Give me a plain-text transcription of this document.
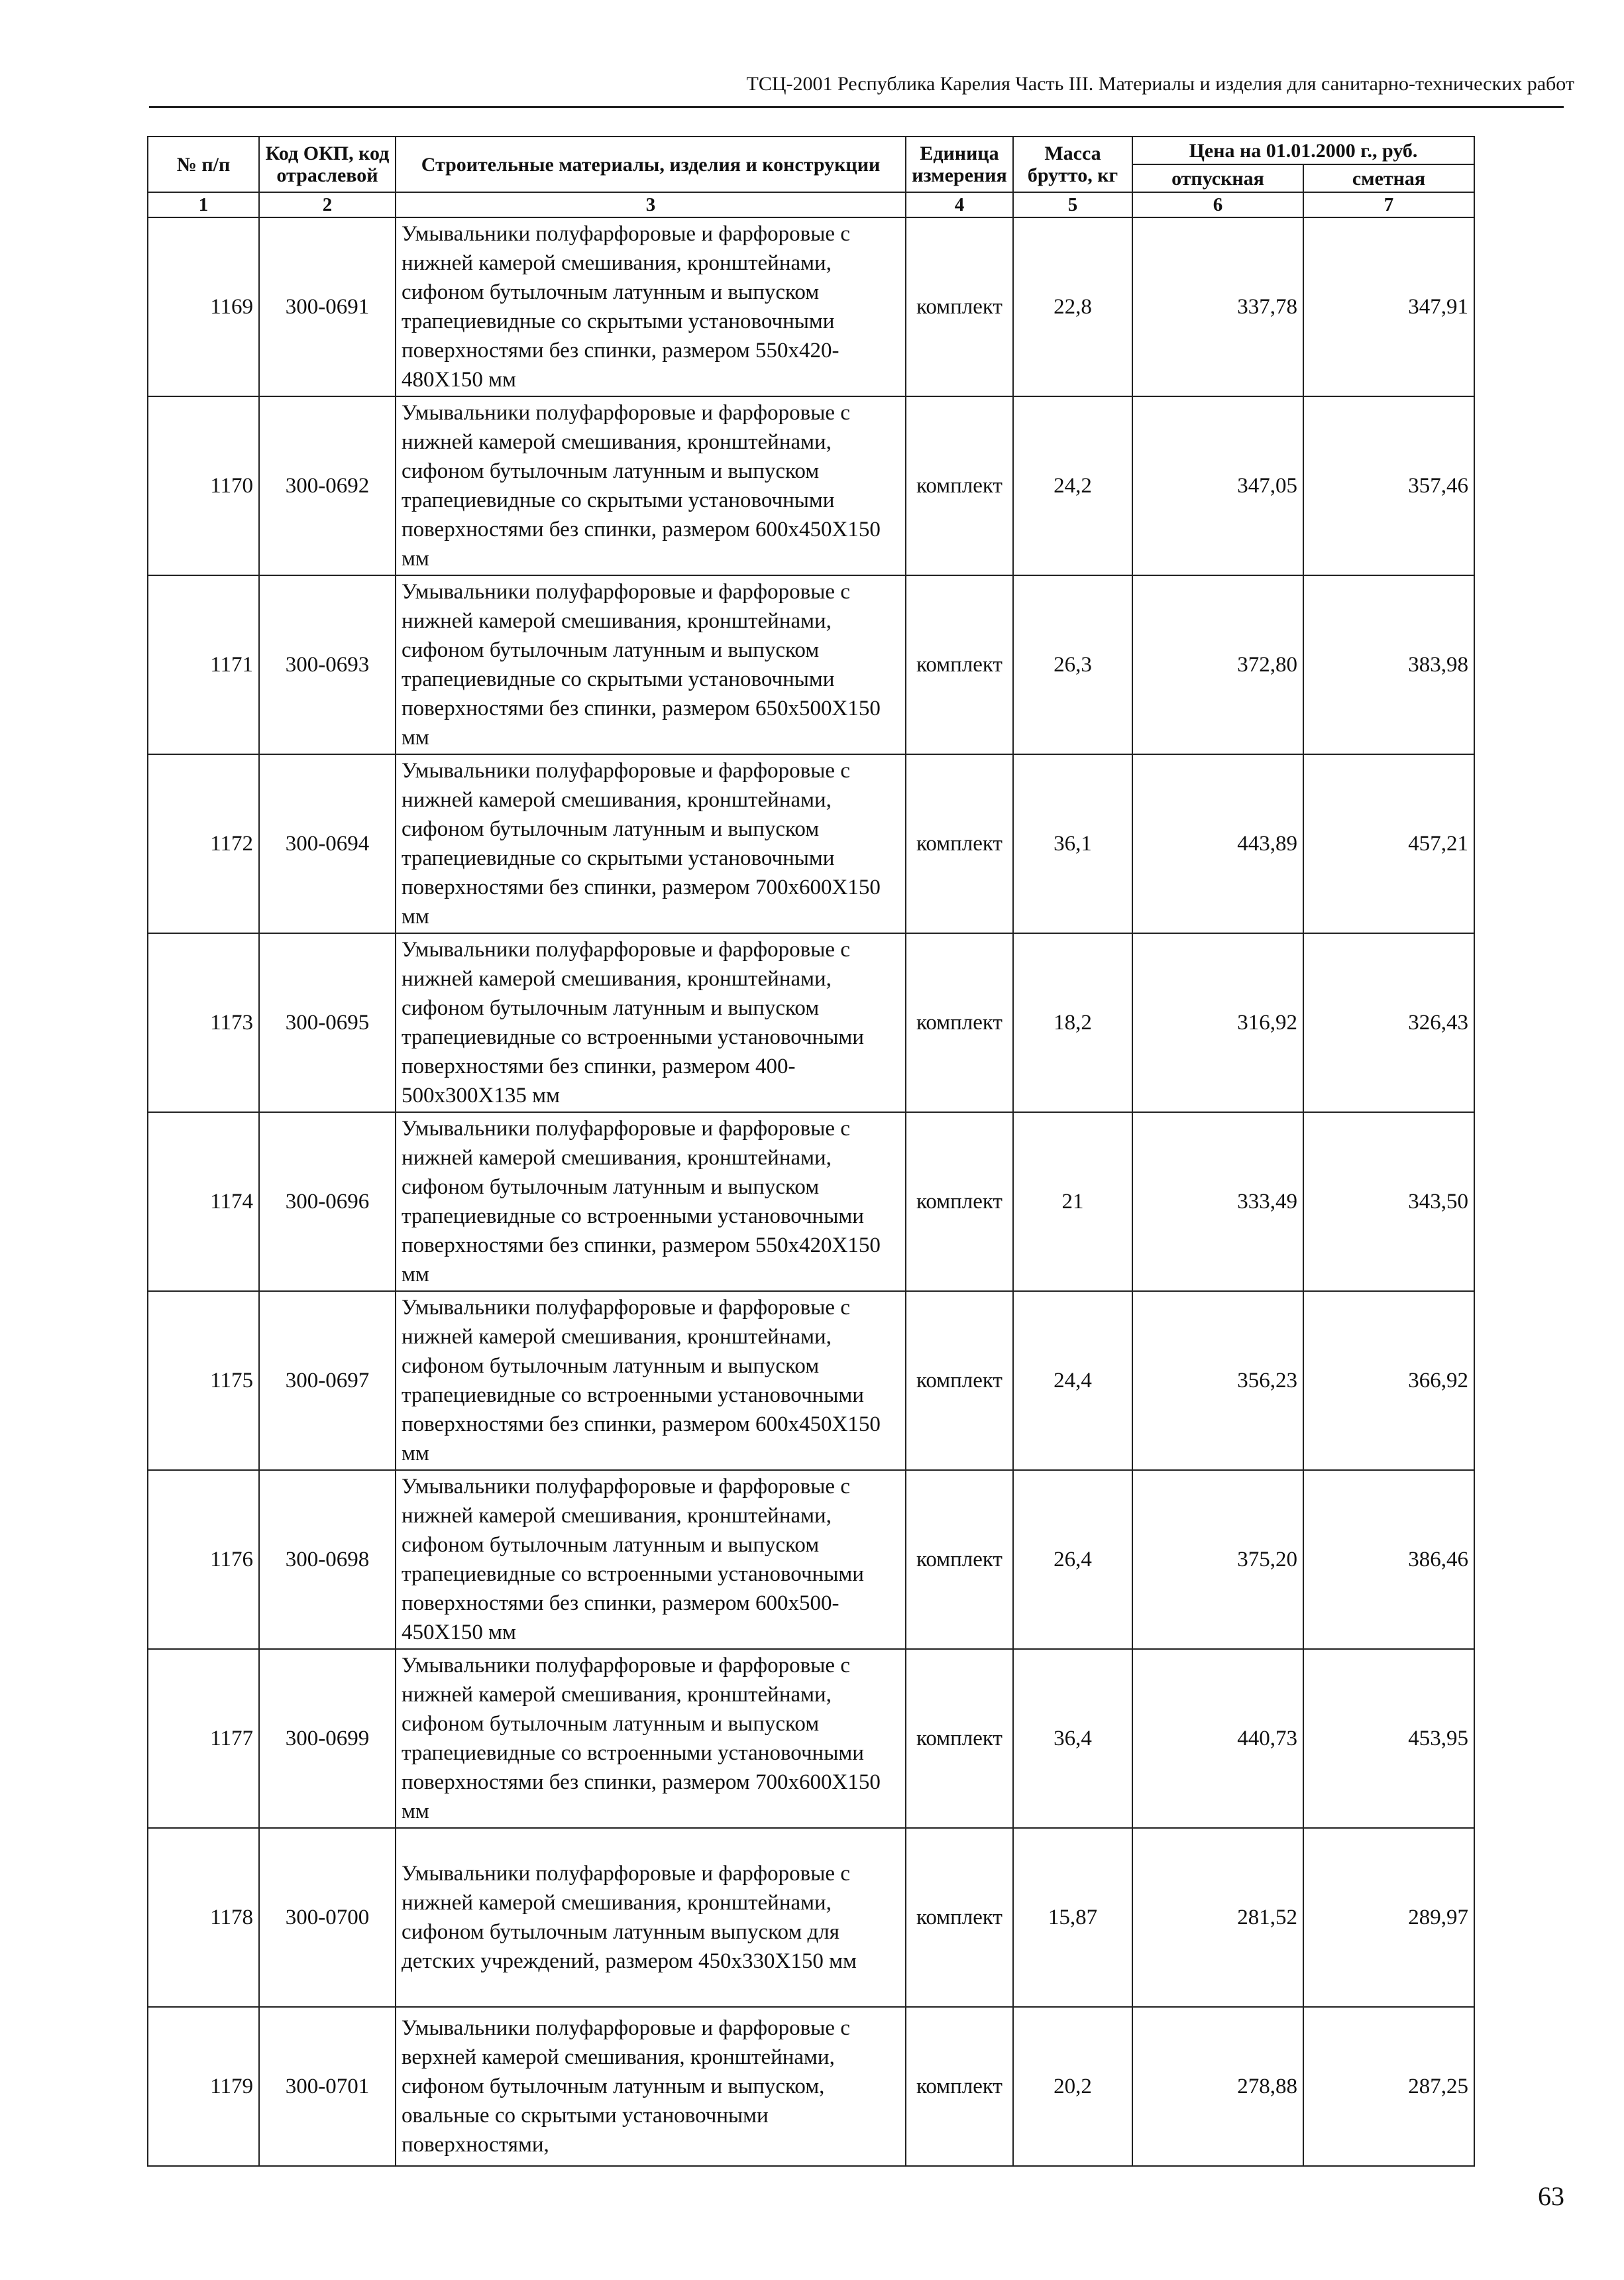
ТСЦ-2001 Республика Карелия Часть III. Материалы и изделия для санитарно-технических работ
№ п/п	Код ОКП, код отраслевой	Строительные материалы, изделия и конструкции	Единица измерения	Масса брутто, кг	Цена на 01.01.2000 г., руб.	
					отпускная	сметная
1	2	3	4	5	6	7
1169	300-0691	Умывальники полуфарфоровые и фарфоровые с нижней камерой смешивания, кронштейнами, сифоном бутылочным латунным и выпуском трапециевидные со скрытыми установочными поверхностями без спинки, размером 550х420-480Х150 мм	комплект	22,8	337,78	347,91
1170	300-0692	Умывальники полуфарфоровые и фарфоровые с нижней камерой смешивания, кронштейнами, сифоном бутылочным латунным и выпуском трапециевидные со скрытыми установочными поверхностями без спинки, размером 600х450Х150 мм	комплект	24,2	347,05	357,46
1171	300-0693	Умывальники полуфарфоровые и фарфоровые с нижней камерой смешивания, кронштейнами, сифоном бутылочным латунным и выпуском трапециевидные со скрытыми установочными поверхностями без спинки, размером 650х500Х150 мм	комплект	26,3	372,80	383,98
1172	300-0694	Умывальники полуфарфоровые и фарфоровые с нижней камерой смешивания, кронштейнами, сифоном бутылочным латунным и выпуском трапециевидные со скрытыми установочными поверхностями без спинки, размером 700х600Х150 мм	комплект	36,1	443,89	457,21
1173	300-0695	Умывальники полуфарфоровые и фарфоровые с нижней камерой смешивания, кронштейнами, сифоном бутылочным латунным и выпуском трапециевидные со встроенными установочными поверхностями без спинки, размером 400-500х300Х135 мм	комплект	18,2	316,92	326,43
1174	300-0696	Умывальники полуфарфоровые и фарфоровые с нижней камерой смешивания, кронштейнами, сифоном бутылочным латунным и выпуском трапециевидные со встроенными установочными поверхностями без спинки, размером 550х420Х150 мм	комплект	21	333,49	343,50
1175	300-0697	Умывальники полуфарфоровые и фарфоровые с нижней камерой смешивания, кронштейнами, сифоном бутылочным латунным и выпуском трапециевидные со встроенными установочными поверхностями без спинки, размером 600х450Х150 мм	комплект	24,4	356,23	366,92
1176	300-0698	Умывальники полуфарфоровые и фарфоровые с нижней камерой смешивания, кронштейнами, сифоном бутылочным латунным и выпуском трапециевидные со встроенными установочными поверхностями без спинки, размером 600х500-450Х150 мм	комплект	26,4	375,20	386,46
1177	300-0699	Умывальники полуфарфоровые и фарфоровые с нижней камерой смешивания, кронштейнами, сифоном бутылочным латунным и выпуском трапециевидные со встроенными установочными поверхностями без спинки, размером 700х600Х150 мм	комплект	36,4	440,73	453,95
1178	300-0700	Умывальники полуфарфоровые и фарфоровые с нижней камерой смешивания, кронштейнами, сифоном бутылочным латунным выпуском для детских учреждений, размером 450х330Х150 мм	комплект	15,87	281,52	289,97
1179	300-0701	Умывальники полуфарфоровые и фарфоровые с верхней камерой смешивания, кронштейнами, сифоном бутылочным латунным и выпуском, овальные со скрытыми установочными поверхностями,	комплект	20,2	278,88	287,25
63
